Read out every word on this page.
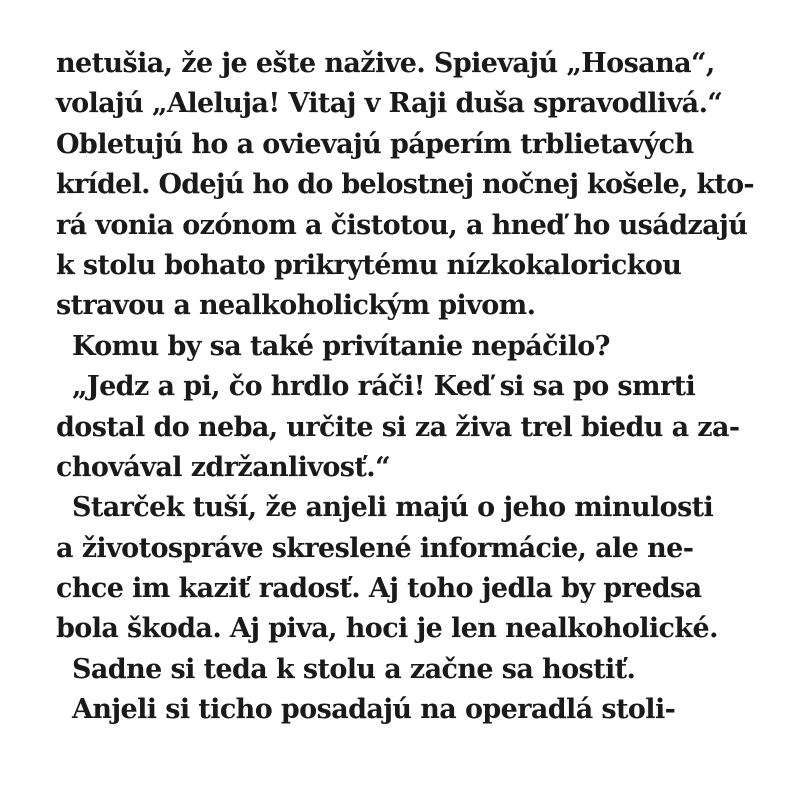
netušia, že je ešte nažive. Spievajú „Hosana“,
volajú „Aleluja! Vitaj v Raji duša spravodlivá.“
Obletujú ho a ovievajú páperím trblietavých
krídel. Odejú ho do belostnej nočnej košele, kto-
rá vonia ozónom a čistotou, a hneď ho usádzajú
k stolu bohato prikrytému nízkokalorickou
stravou a nealkoholickým pivom.
Komu by sa také privítanie nepáčilo?
„Jedz a pi, čo hrdlo ráči! Keď si sa po smrti
dostal do neba, určite si za živa trel biedu a za-
chovával zdržanlivosť.“
Starček tuší, že anjeli majú o jeho minulosti
a životospráve skreslené informácie, ale ne-
chce im kaziť radosť. Aj toho jedla by predsa
bola škoda. Aj piva, hoci je len nealkoholické.
Sadne si teda k stolu a začne sa hostiť.
Anjeli si ticho posadajú na operadlá stoli-
